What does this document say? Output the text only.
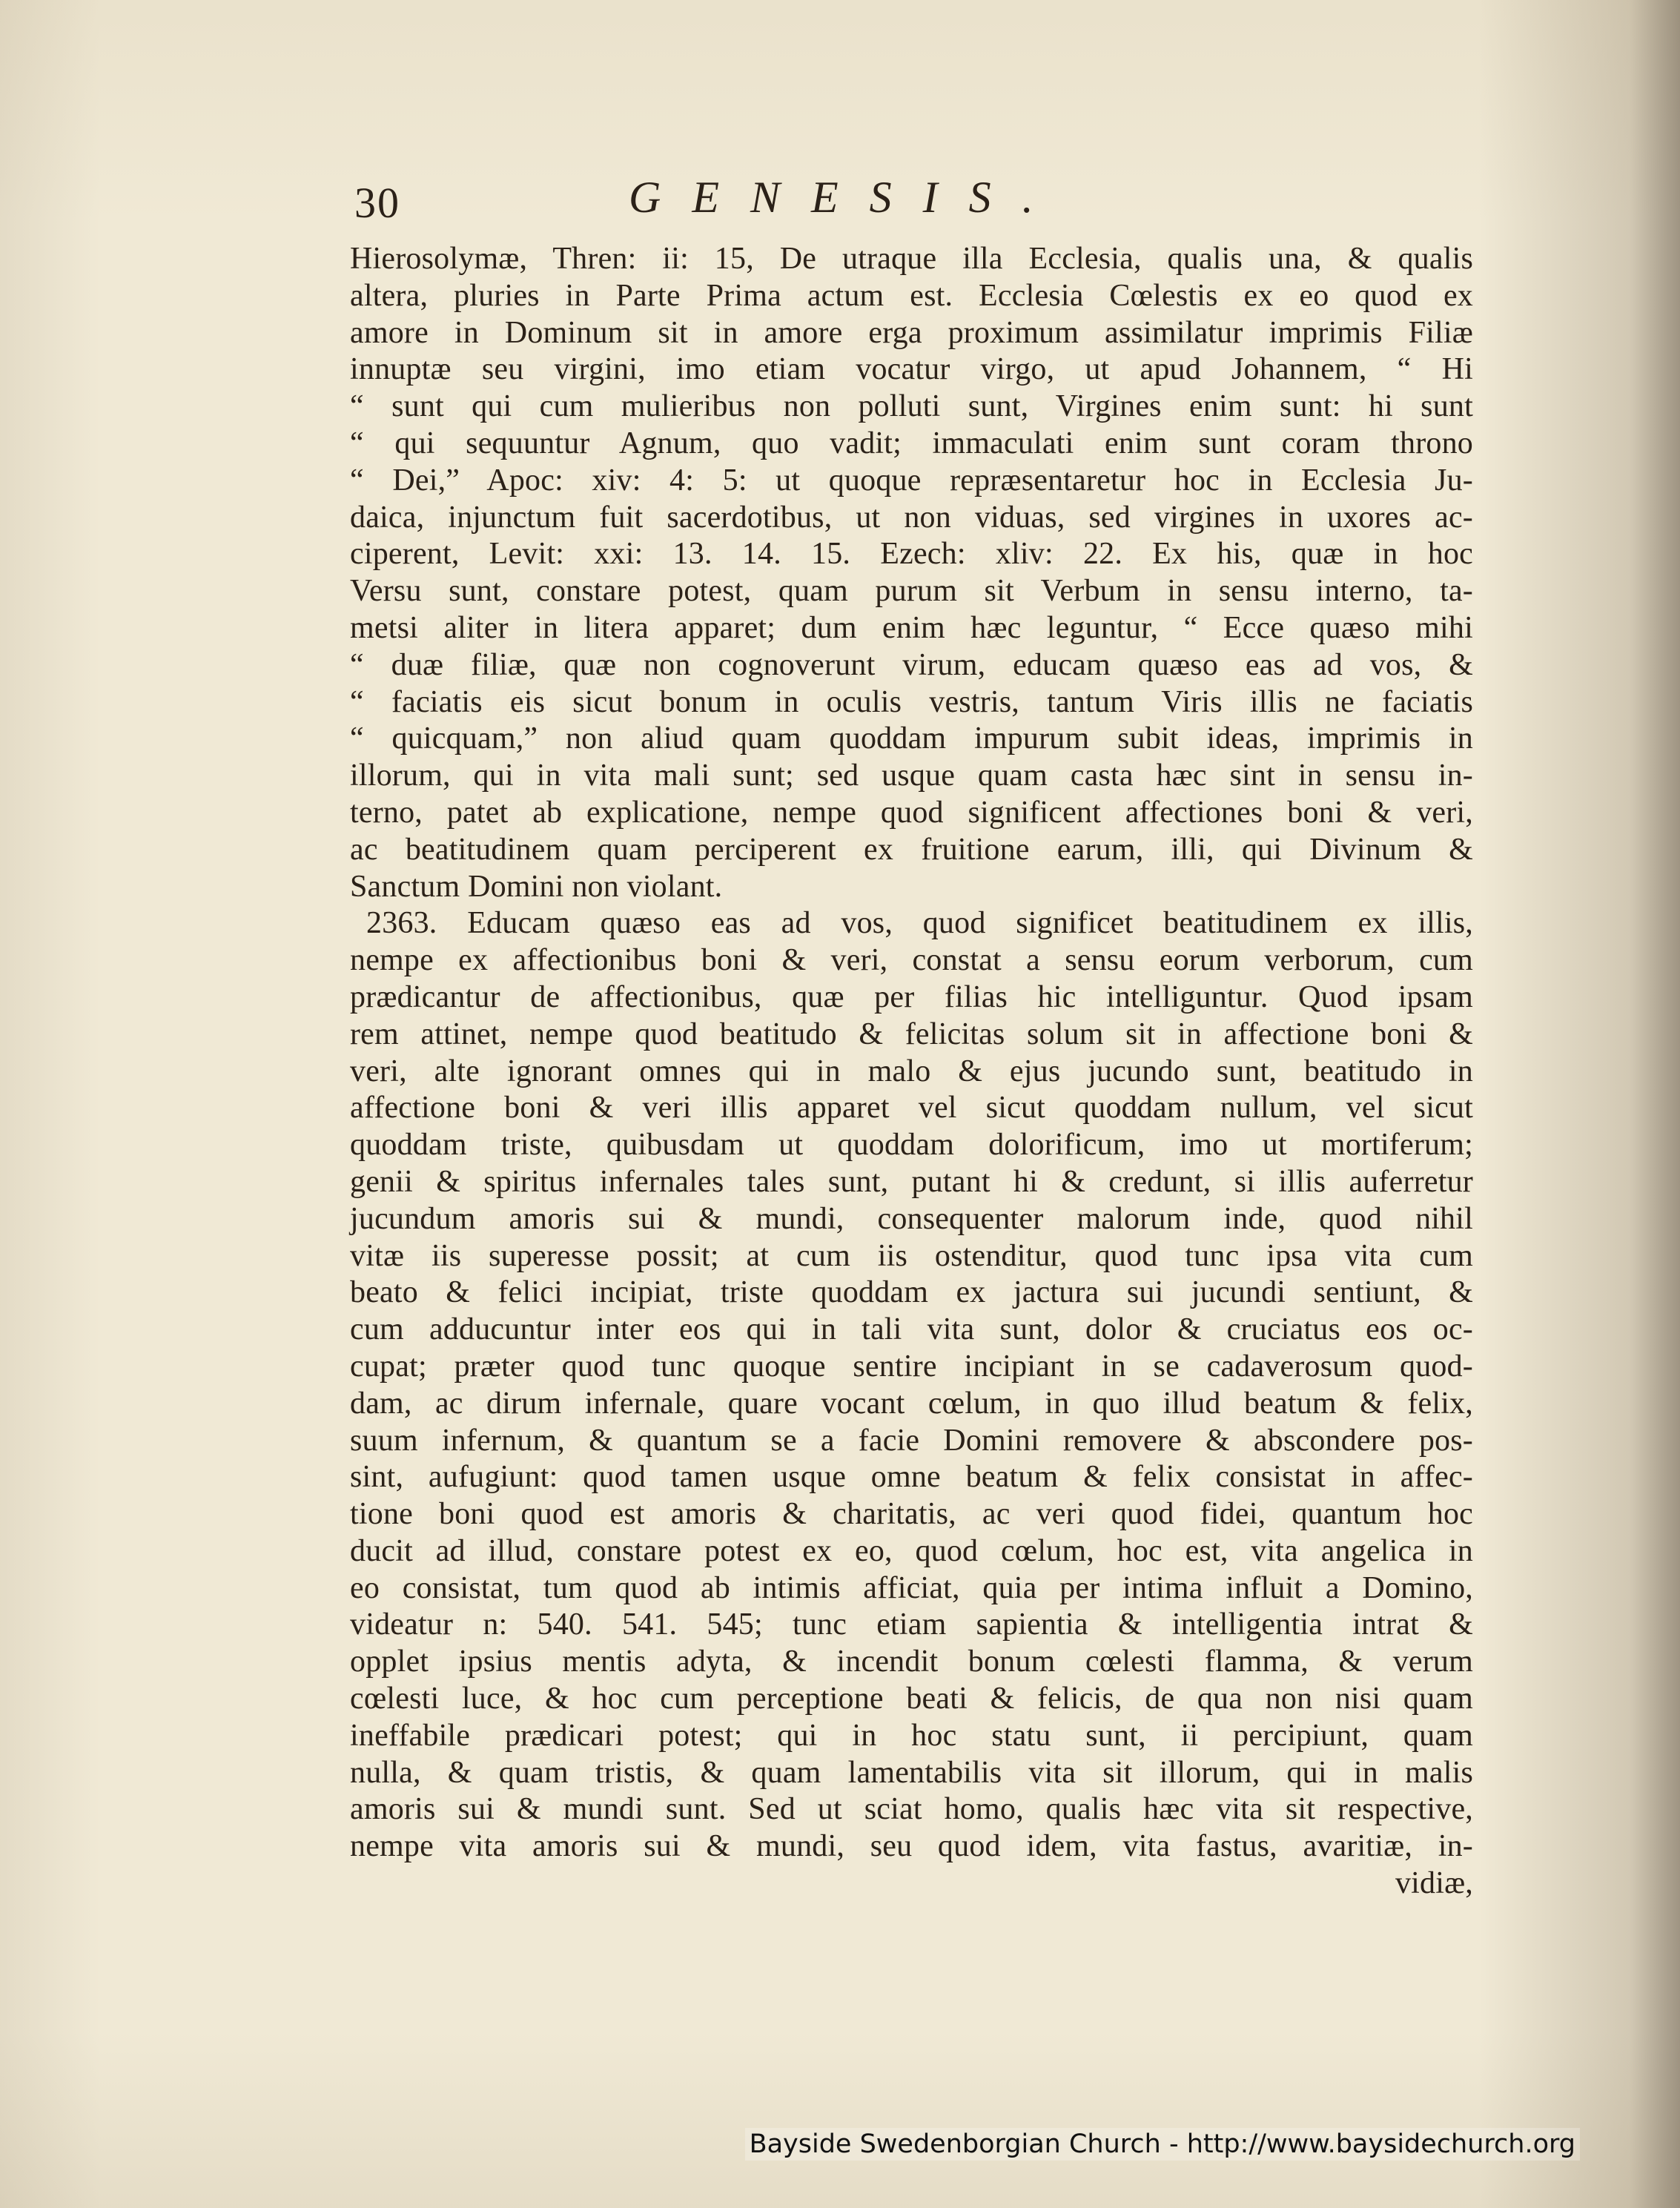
30	GENESIS.
Hierosolymæ, Thren: ii: 15, De utraque illa Ecclesia, qualis una, & qualis
altera, pluries in Parte Prima actum est. Ecclesia Cœlestis ex eo quod ex
amore in Dominum sit in amore erga proximum assimilatur imprimis Filiæ
innuptæ seu virgini, imo etiam vocatur virgo, ut apud Johannem, “ Hi
“ sunt qui cum mulieribus non polluti sunt, Virgines enim sunt: hi sunt
“ qui sequuntur Agnum, quo vadit; immaculati enim sunt coram throno
“ Dei,” Apoc: xiv: 4: 5: ut quoque repræsentaretur hoc in Ecclesia Ju-
daica, injunctum fuit sacerdotibus, ut non viduas, sed virgines in uxores ac-
ciperent, Levit: xxi: 13. 14. 15. Ezech: xliv: 22. Ex his, quæ in hoc
Versu sunt, constare potest, quam purum sit Verbum in sensu interno, ta-
metsi aliter in litera apparet; dum enim hæc leguntur, “ Ecce quæso mihi
“ duæ filiæ, quæ non cognoverunt virum, educam quæso eas ad vos, &
“ faciatis eis sicut bonum in oculis vestris, tantum Viris illis ne faciatis
“ quicquam,” non aliud quam quoddam impurum subit ideas, imprimis in
illorum, qui in vita mali sunt; sed usque quam casta hæc sint in sensu in-
terno, patet ab explicatione, nempe quod significent affectiones boni & veri,
ac beatitudinem quam perciperent ex fruitione earum, illi, qui Divinum &
Sanctum Domini non violant.
2363. Educam quæso eas ad vos, quod significet beatitudinem ex illis,
nempe ex affectionibus boni & veri, constat a sensu eorum verborum, cum
prædicantur de affectionibus, quæ per filias hic intelliguntur. Quod ipsam
rem attinet, nempe quod beatitudo & felicitas solum sit in affectione boni &
veri, alte ignorant omnes qui in malo & ejus jucundo sunt, beatitudo in
affectione boni & veri illis apparet vel sicut quoddam nullum, vel sicut
quoddam triste, quibusdam ut quoddam dolorificum, imo ut mortiferum;
genii & spiritus infernales tales sunt, putant hi & credunt, si illis auferretur
jucundum amoris sui & mundi, consequenter malorum inde, quod nihil
vitæ iis superesse possit; at cum iis ostenditur, quod tunc ipsa vita cum
beato & felici incipiat, triste quoddam ex jactura sui jucundi sentiunt, &
cum adducuntur inter eos qui in tali vita sunt, dolor & cruciatus eos oc-
cupat; præter quod tunc quoque sentire incipiant in se cadaverosum quod-
dam, ac dirum infernale, quare vocant cœlum, in quo illud beatum & felix,
suum infernum, & quantum se a facie Domini removere & abscondere pos-
sint, aufugiunt: quod tamen usque omne beatum & felix consistat in affec-
tione boni quod est amoris & charitatis, ac veri quod fidei, quantum hoc
ducit ad illud, constare potest ex eo, quod cœlum, hoc est, vita angelica in
eo consistat, tum quod ab intimis afficiat, quia per intima influit a Domino,
videatur n: 540. 541. 545; tunc etiam sapientia & intelligentia intrat &
opplet ipsius mentis adyta, & incendit bonum cœlesti flamma, & verum
cœlesti luce, & hoc cum perceptione beati & felicis, de qua non nisi quam
ineffabile prædicari potest; qui in hoc statu sunt, ii percipiunt, quam
nulla, & quam tristis, & quam lamentabilis vita sit illorum, qui in malis
amoris sui & mundi sunt. Sed ut sciat homo, qualis hæc vita sit respective,
nempe vita amoris sui & mundi, seu quod idem, vita fastus, avaritiæ, in-
vidiæ,
Bayside Swedenborgian Church - http://www.baysidechurch.org
